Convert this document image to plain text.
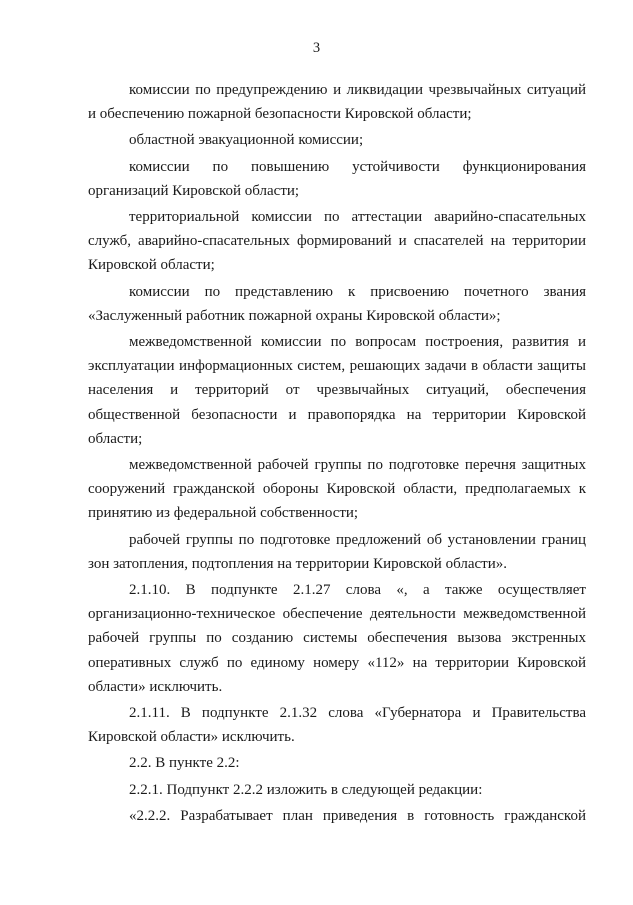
3

комиссии по предупреждению и ликвидации чрезвычайных ситуаций и обеспечению пожарной безопасности Кировской области;

областной эвакуационной комиссии;

комиссии по повышению устойчивости функционирования организаций Кировской области;

территориальной комиссии по аттестации аварийно-спасательных служб, аварийно-спасательных формирований и спасателей на территории Кировской области;

комиссии по представлению к присвоению почетного звания «Заслуженный работник пожарной охраны Кировской области»;

межведомственной комиссии по вопросам построения, развития и эксплуатации информационных систем, решающих задачи в области защиты населения и территорий от чрезвычайных ситуаций, обеспечения общественной безопасности и правопорядка на территории Кировской области;

межведомственной рабочей группы по подготовке перечня защитных сооружений гражданской обороны Кировской области, предполагаемых к принятию из федеральной собственности;

рабочей группы по подготовке предложений об установлении границ зон затопления, подтопления на территории Кировской области».

2.1.10. В подпункте 2.1.27 слова «, а также осуществляет организационно-техническое обеспечение деятельности межведомственной рабочей группы по созданию системы обеспечения вызова экстренных оперативных служб по единому номеру «112» на территории Кировской области» исключить.

2.1.11. В подпункте 2.1.32 слова «Губернатора и Правительства Кировской области» исключить.

2.2. В пункте 2.2:

2.2.1. Подпункт 2.2.2 изложить в следующей редакции:

«2.2.2. Разрабатывает план приведения в готовность гражданской
